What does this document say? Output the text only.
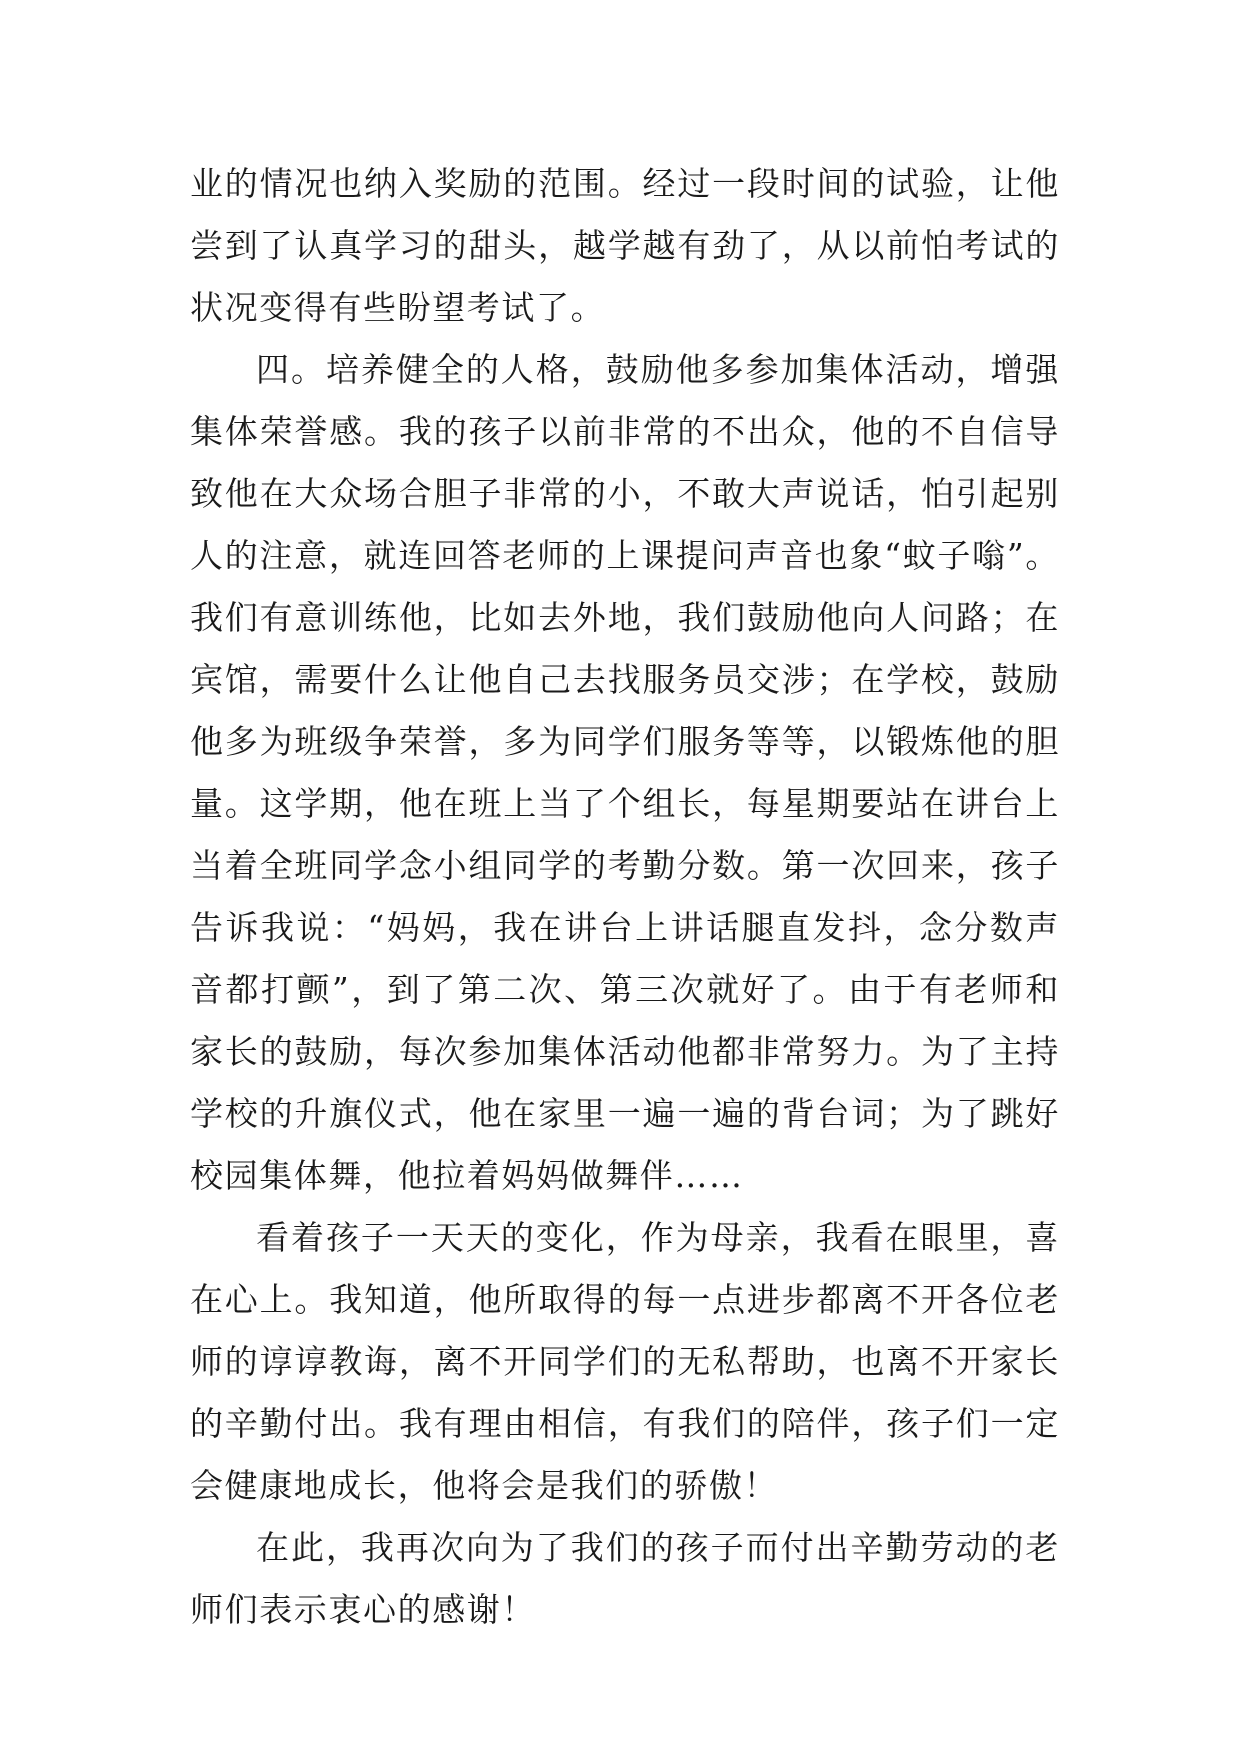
业的情况也纳入奖励的范围。经过一段时间的试验，让他尝到了认真学习的甜头，越学越有劲了，从以前怕考试的状况变得有些盼望考试了。

四。培养健全的人格，鼓励他多参加集体活动，增强集体荣誉感。我的孩子以前非常的不出众，他的不自信导致他在大众场合胆子非常的小，不敢大声说话，怕引起别人的注意，就连回答老师的上课提问声音也象“蚊子嗡”。我们有意训练他，比如去外地，我们鼓励他向人问路；在宾馆，需要什么让他自己去找服务员交涉；在学校，鼓励他多为班级争荣誉，多为同学们服务等等，以锻炼他的胆量。这学期，他在班上当了个组长，每星期要站在讲台上当着全班同学念小组同学的考勤分数。第一次回来，孩子告诉我说：“妈妈，我在讲台上讲话腿直发抖，念分数声音都打颤”，到了第二次、第三次就好了。由于有老师和家长的鼓励，每次参加集体活动他都非常努力。为了主持学校的升旗仪式，他在家里一遍一遍的背台词；为了跳好校园集体舞，他拉着妈妈做舞伴……

看着孩子一天天的变化，作为母亲，我看在眼里，喜在心上。我知道，他所取得的每一点进步都离不开各位老师的谆谆教诲，离不开同学们的无私帮助，也离不开家长的辛勤付出。我有理由相信，有我们的陪伴，孩子们一定会健康地成长，他将会是我们的骄傲！

在此，我再次向为了我们的孩子而付出辛勤劳动的老师们表示衷心的感谢！
